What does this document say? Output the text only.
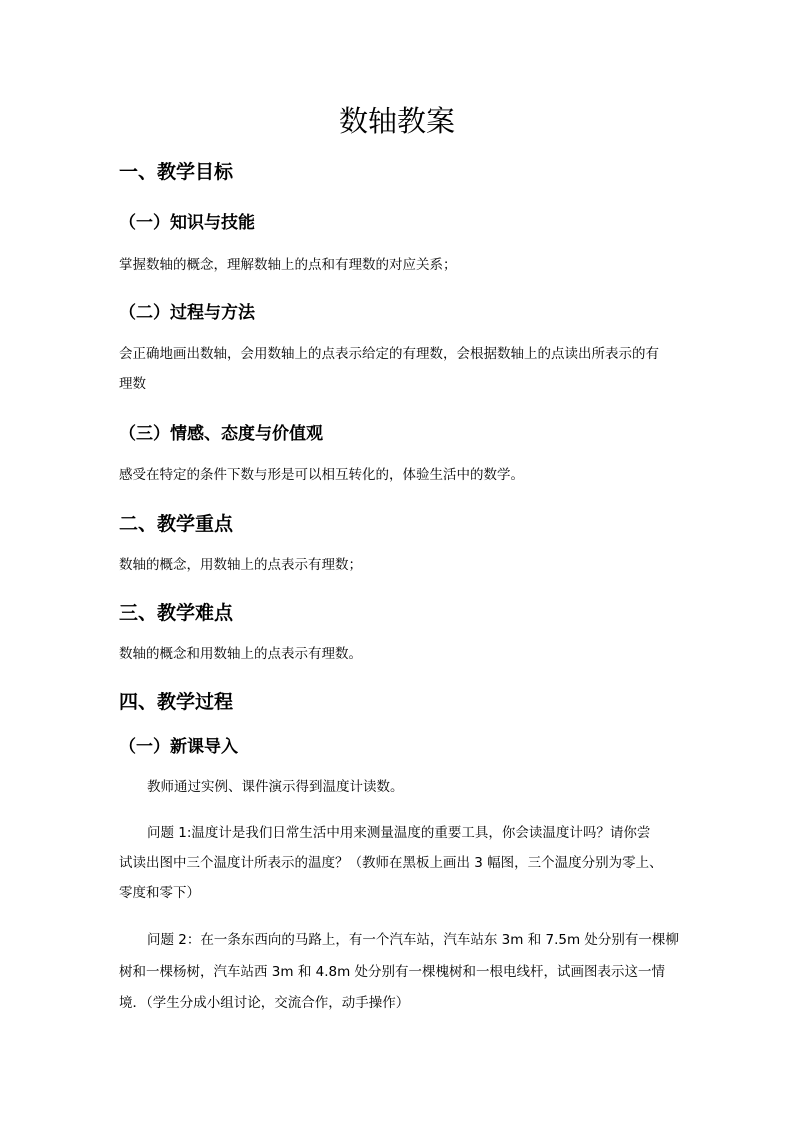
数轴教案
一、教学目标
（一）知识与技能
掌握数轴的概念，理解数轴上的点和有理数的对应关系；
（二）过程与方法
会正确地画出数轴，会用数轴上的点表示给定的有理数，会根据数轴上的点读出所表示的有
理数
（三）情感、态度与价值观
感受在特定的条件下数与形是可以相互转化的，体验生活中的数学。
二、教学重点
数轴的概念，用数轴上的点表示有理数；
三、教学难点
数轴的概念和用数轴上的点表示有理数。
四、教学过程
（一）新课导入
教师通过实例、课件演示得到温度计读数。
问题 1:温度计是我们日常生活中用来测量温度的重要工具，你会读温度计吗？请你尝
试读出图中三个温度计所表示的温度？（教师在黑板上画出 3 幅图，三个温度分别为零上、
零度和零下）
问题 2：在一条东西向的马路上，有一个汽车站，汽车站东 3m 和 7.5m 处分别有一棵柳
树和一棵杨树，汽车站西 3m 和 4.8m 处分别有一棵槐树和一根电线杆，试画图表示这一情
境．（学生分成小组讨论，交流合作，动手操作）
